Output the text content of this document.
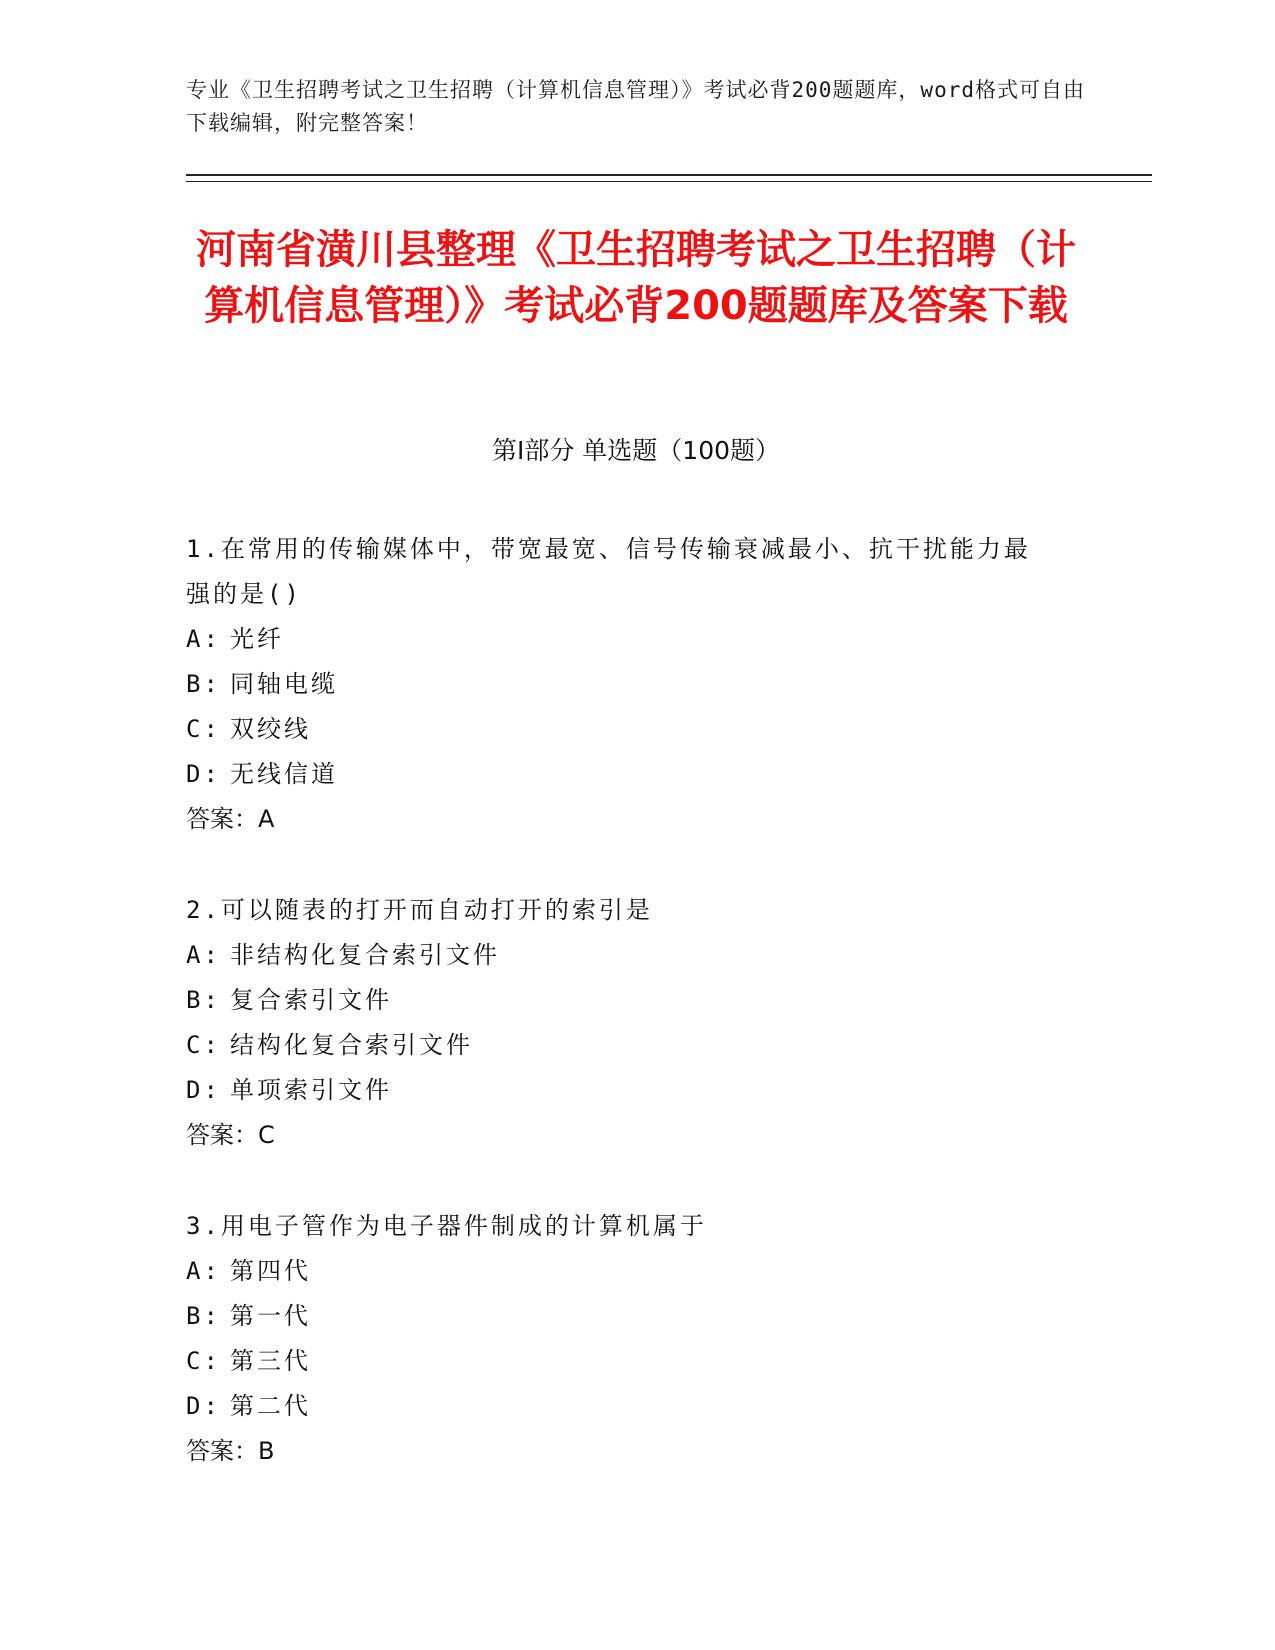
专业《卫生招聘考试之卫生招聘（计算机信息管理）》考试必背200题题库，word格式可自由下载编辑，附完整答案！
河南省潢川县整理《卫生招聘考试之卫生招聘（计算机信息管理）》考试必背200题题库及答案下载
第Ⅰ部分 单选题（100题）
1.在常用的传输媒体中，带宽最宽、信号传输衰减最小、抗干扰能力最强的是()
A: 光纤
B: 同轴电缆
C: 双绞线
D: 无线信道
答案：A
2.可以随表的打开而自动打开的索引是
A: 非结构化复合索引文件
B: 复合索引文件
C: 结构化复合索引文件
D: 单项索引文件
答案：C
3.用电子管作为电子器件制成的计算机属于
A: 第四代
B: 第一代
C: 第三代
D: 第二代
答案：B
